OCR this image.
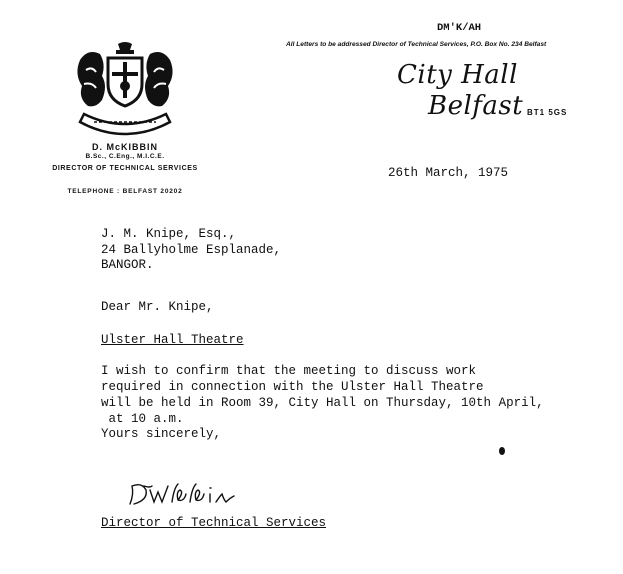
D. McKIBBIN
B.Sc., C.Eng., M.I.C.E.
DIRECTOR OF TECHNICAL SERVICES
TELEPHONE : BELFAST 20202
DM'K/AH
All Letters to be addressed Director of Technical Services, P.O. Box No. 234 Belfast
City Hall
Belfast BT1 5GS
26th March, 1975
J. M. Knipe, Esq.,
24 Ballyholme Esplanade,
BANGOR.
Dear Mr. Knipe,
Ulster Hall Theatre
I wish to confirm that the meeting to discuss work
required in connection with the Ulster Hall Theatre
will be held in Room 39, City Hall on Thursday, 10th April,
at 10 a.m.
Yours sincerely,
Director of Technical Services
